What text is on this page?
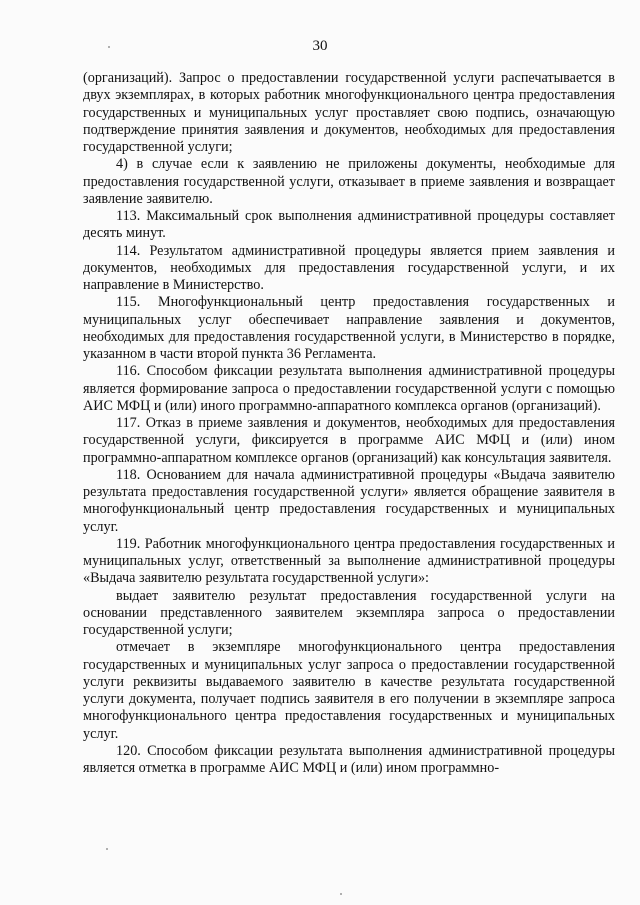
30

(организаций). Запрос о предоставлении государственной услуги распечатывается в двух экземплярах, в которых работник многофункционального центра предоставления государственных и муниципальных услуг проставляет свою подпись, означающую подтверждение принятия заявления и документов, необходимых для предоставления государственной услуги;

4) в случае если к заявлению не приложены документы, необходимые для предоставления государственной услуги, отказывает в приеме заявления и возвращает заявление заявителю.

113. Максимальный срок выполнения административной процедуры составляет десять минут.

114. Результатом административной процедуры является прием заявления и документов, необходимых для предоставления государственной услуги, и их направление в Министерство.

115. Многофункциональный центр предоставления государственных и муниципальных услуг обеспечивает направление заявления и документов, необходимых для предоставления государственной услуги, в Министерство в порядке, указанном в части второй пункта 36 Регламента.

116. Способом фиксации результата выполнения административной процедуры является формирование запроса о предоставлении государственной услуги с помощью АИС МФЦ и (или) иного программно-аппаратного комплекса органов (организаций).

117. Отказ в приеме заявления и документов, необходимых для предоставления государственной услуги, фиксируется в программе АИС МФЦ и (или) ином программно-аппаратном комплексе органов (организаций) как консультация заявителя.

118. Основанием для начала административной процедуры «Выдача заявителю результата предоставления государственной услуги» является обращение заявителя в многофункциональный центр предоставления государственных и муниципальных услуг.

119. Работник многофункционального центра предоставления государственных и муниципальных услуг, ответственный за выполнение административной процедуры «Выдача заявителю результата государственной услуги»:

выдает заявителю результат предоставления государственной услуги на основании представленного заявителем экземпляра запроса о предоставлении государственной услуги;

отмечает в экземпляре многофункционального центра предоставления государственных и муниципальных услуг запроса о предоставлении государственной услуги реквизиты выдаваемого заявителю в качестве результата государственной услуги документа, получает подпись заявителя в его получении в экземпляре запроса многофункционального центра предоставления государственных и муниципальных услуг.

120. Способом фиксации результата выполнения административной процедуры является отметка в программе АИС МФЦ и (или) ином программно-
